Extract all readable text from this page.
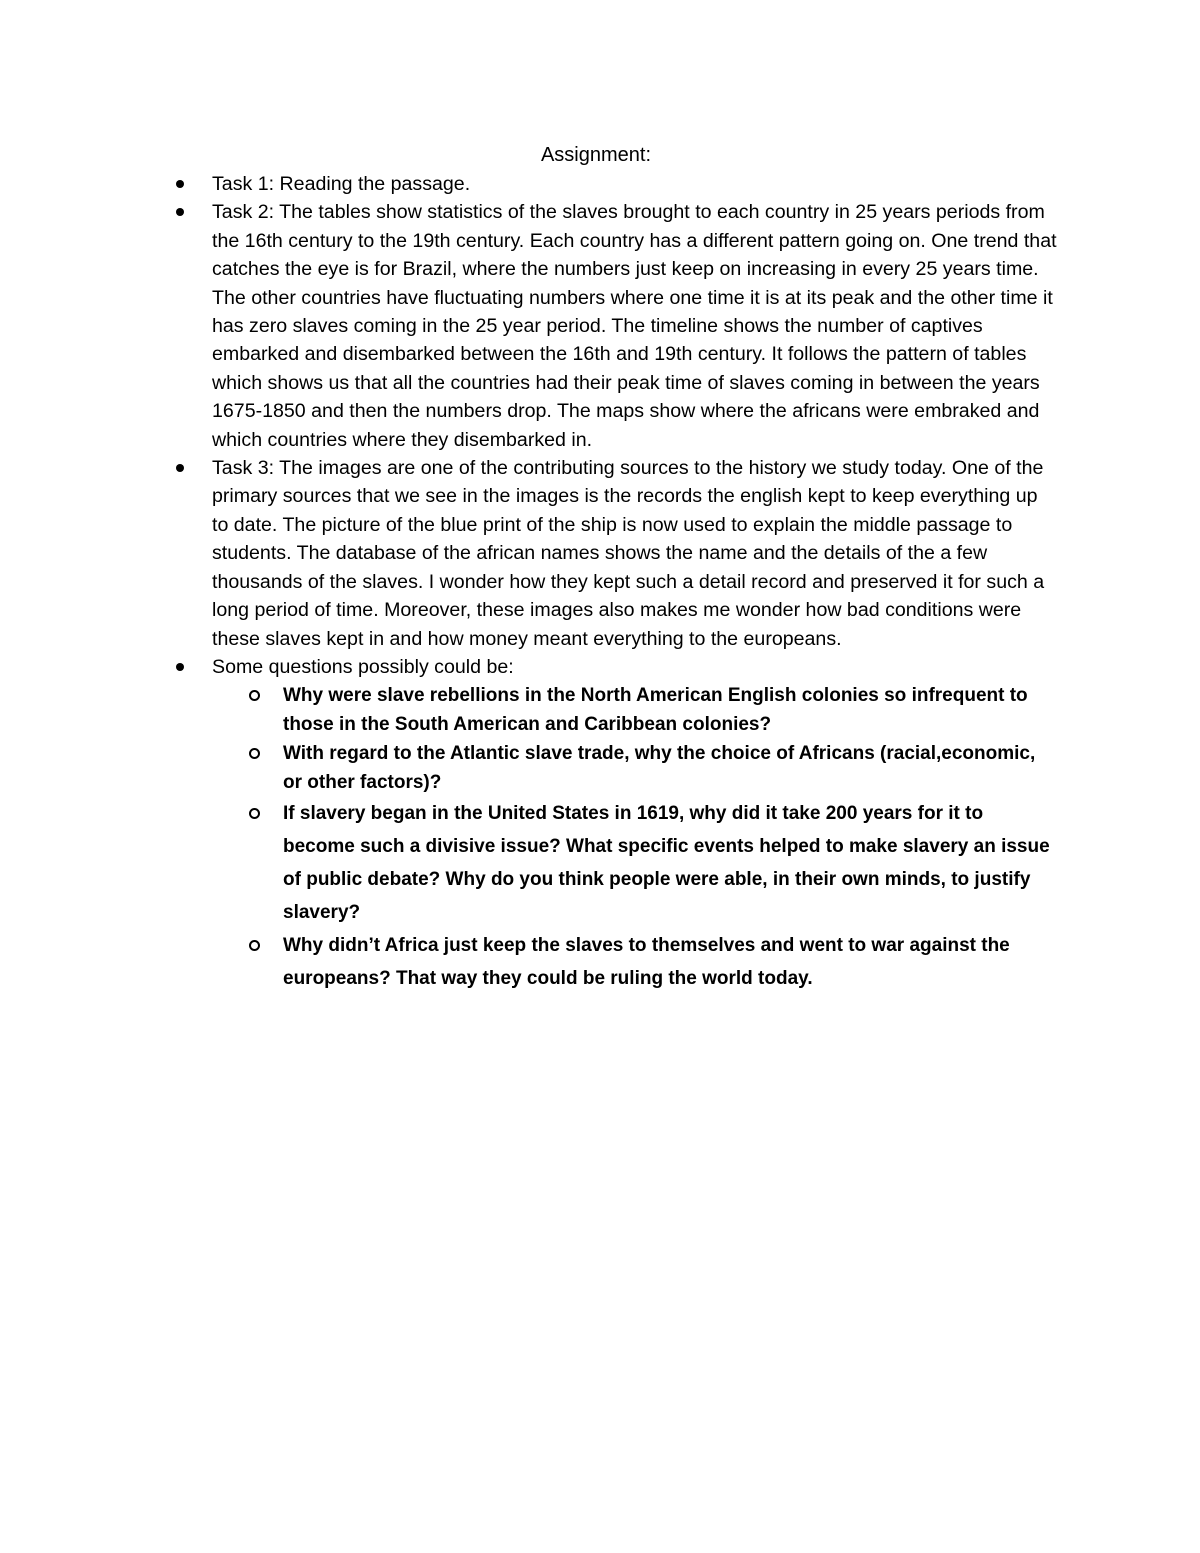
Assignment:
Task 1: Reading the passage.
Task 2: The tables show statistics of the slaves brought to each country in 25 years periods from the 16th century to the 19th century. Each country has a different pattern going on. One trend that catches the eye is for Brazil, where the numbers just keep on increasing in every 25 years time. The other countries have fluctuating numbers where one time it is at its peak and the other time it has zero slaves coming in the 25 year period. The timeline shows the number of captives embarked and disembarked between the 16th and 19th century. It follows the pattern of tables which shows us that all the countries had their peak time of slaves coming in between the years 1675-1850 and then the numbers drop. The maps show where the africans were embraked and which countries where they disembarked in.
Task 3: The images are one of the contributing sources to the history we study today. One of the primary sources that we see in the images is the records the english kept to keep everything up to date. The picture of the blue print of the ship is now used to explain the middle passage to students. The database of the african names shows the name and the details of the a few thousands of the slaves. I wonder how they kept such a detail record and preserved it for such a long period of time. Moreover, these images also makes me wonder how bad conditions were these slaves kept in and how money meant everything to the europeans.
Some questions possibly could be:
Why were slave rebellions in the North American English colonies so infrequent to those in the South American and Caribbean colonies?
With regard to the Atlantic slave trade, why the choice of Africans (racial,economic, or other factors)?
If slavery began in the United States in 1619, why did it take 200 years for it to become such a divisive issue? What specific events helped to make slavery an issue of public debate? Why do you think people were able, in their own minds, to justify slavery?
Why didn’t Africa just keep the slaves to themselves and went to war against the europeans? That way they could be ruling the world today.
